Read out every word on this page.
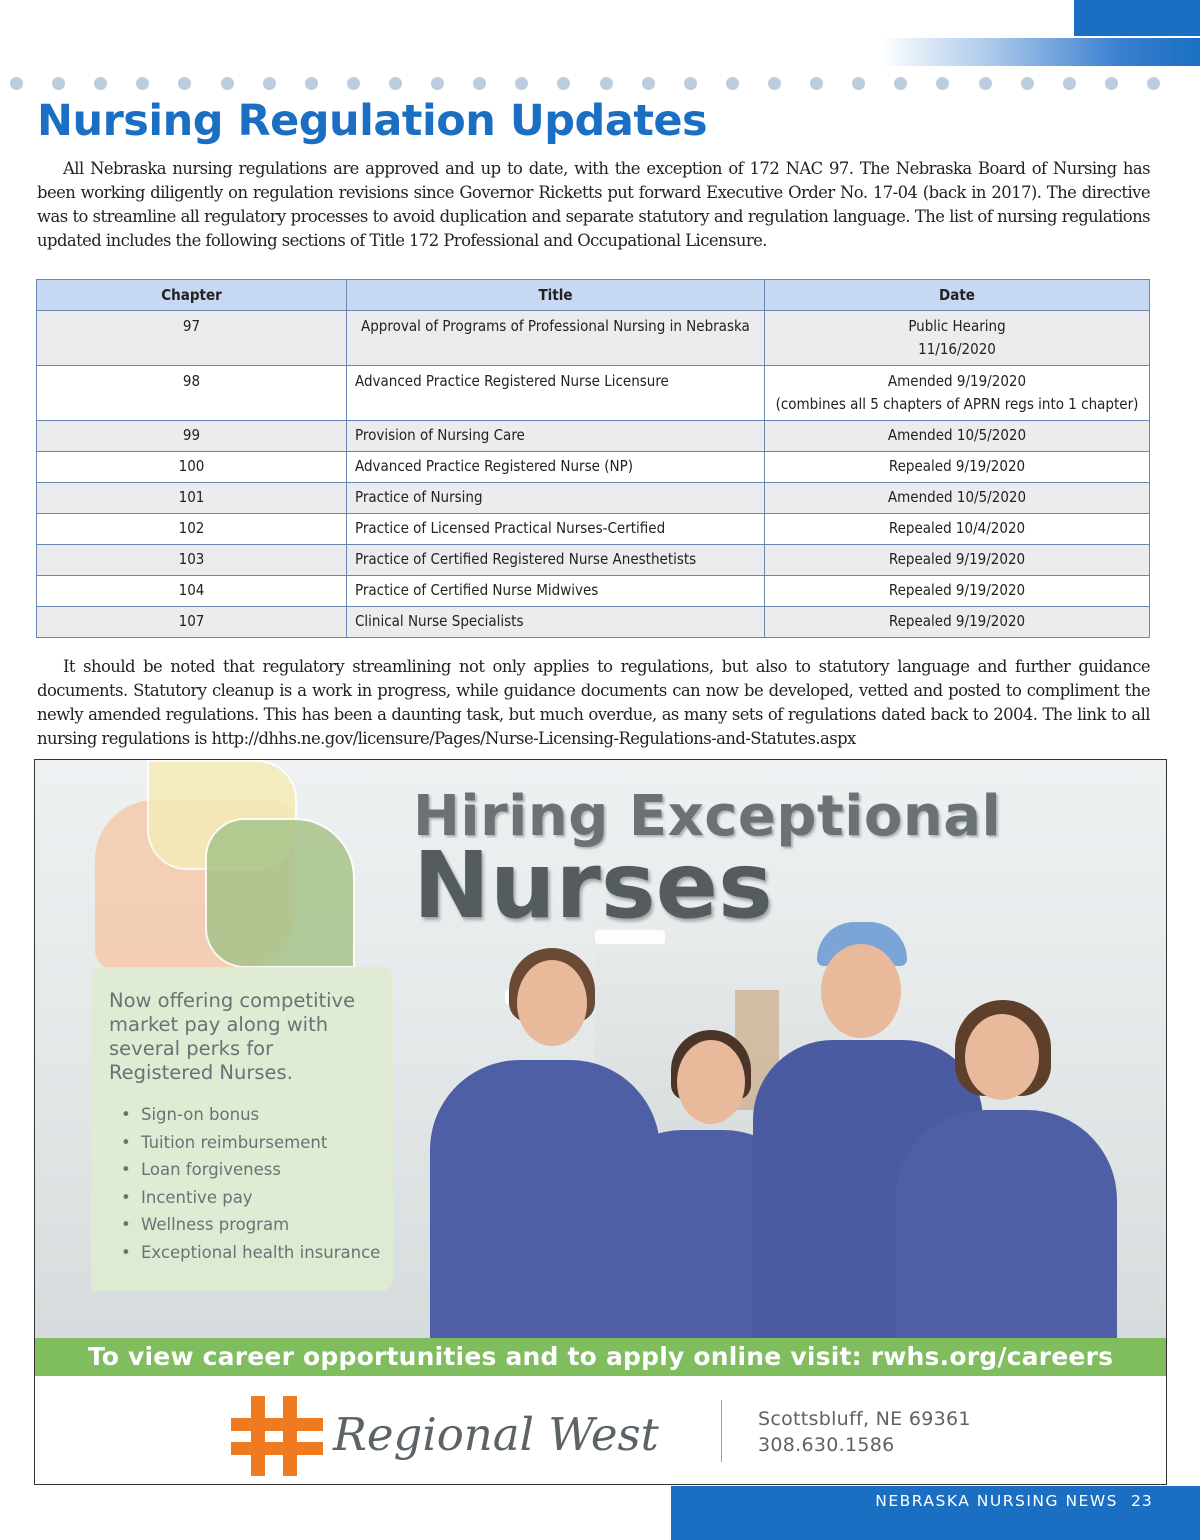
Nursing Regulation Updates

All Nebraska nursing regulations are approved and up to date, with the exception of 172 NAC 97. The Nebraska Board of Nursing has been working diligently on regulation revisions since Governor Ricketts put forward Executive Order No. 17-04 (back in 2017). The directive was to streamline all regulatory processes to avoid duplication and separate statutory and regulation language. The list of nursing regulations updated includes the following sections of Title 172 Professional and Occupational Licensure.

Chapter	Title	Date
97	Approval of Programs of Professional Nursing in Nebraska	Public Hearing
11/16/2020

98	Advanced Practice Registered Nurse Licensure	Amended 9/19/2020
(combines all 5 chapters of APRN regs into 1 chapter)

99	Provision of Nursing Care	Amended 10/5/2020
100	Advanced Practice Registered Nurse (NP)	Repealed 9/19/2020
101	Practice of Nursing	Amended 10/5/2020
102	Practice of Licensed Practical Nurses-Certified	Repealed 10/4/2020
103	Practice of Certified Registered Nurse Anesthetists	Repealed 9/19/2020
104	Practice of Certified Nurse Midwives	Repealed 9/19/2020
107	Clinical Nurse Specialists	Repealed 9/19/2020

It should be noted that regulatory streamlining not only applies to regulations, but also to statutory language and further guidance documents. Statutory cleanup is a work in progress, while guidance documents can now be developed, vetted and posted to compliment the newly amended regulations. This has been a daunting task, but much overdue, as many sets of regulations dated back to 2004. The link to all nursing regulations is http://dhhs.ne.gov/licensure/Pages/Nurse-Licensing-Regulations-and-Statutes.aspx

Hiring Exceptional
Nurses
Now offering competitive market pay along with several perks for Registered Nurses.
• Sign-on bonus
• Tuition reimbursement
• Loan forgiveness
• Incentive pay
• Wellness program
• Exceptional health insurance
To view career opportunities and to apply online visit: rwhs.org/careers
Regional West	Scottsbluff, NE 69361
308.630.1586
NEBRASKA NURSING NEWS 23
